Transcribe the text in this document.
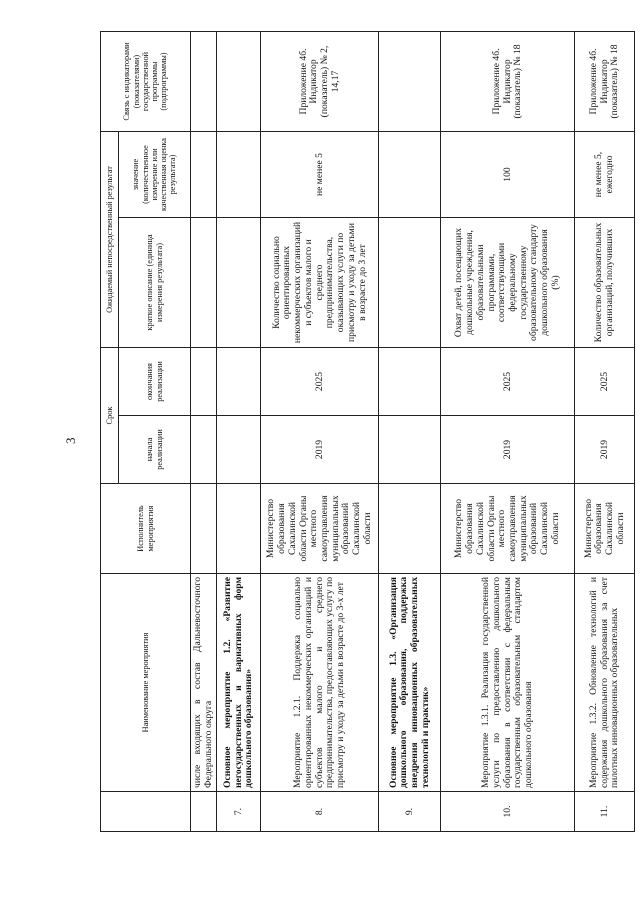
3
	Наименование мероприятия	Исполнитель мероприятия	Срок		Ожидаемый непосредственный результат		Связь с индикаторами (показателями) государственной программы (подпрограммы)
			начала реализации	окончания реализации	краткое описание (единица измерения результата)	значение (количественное измерение или качественная оценка результата)	

	числе входящих в состав Дальневосточного Федерального округа						
7.	Основное мероприятие 1.2. «Развитие негосударственных и вариативных форм дошкольного образования»						
8.	Мероприятие 1.2.1. Поддержка социально ориентированных некоммерческих организаций и субъектов малого и среднего предпринимательства, предоставляющих услугу по присмотру и уходу за детьми в возрасте до 3-х лет	Министерство образования Сахалинской области Органы местного самоуправления муниципальных образований Сахалинской области	2019	2025	Количество социально ориентированных некоммерческих организаций и субъектов малого и среднего предпринимательства, оказывающих услуги по присмотру и уходу за детьми в возрасте до 3 лет	не менее 5	Приложение 4б. Индикатор (показатель) № 2, 14,17
9.	Основное мероприятие 1.3. «Организация дошкольного образования, поддержка внедрения инновационных образовательных технологий и практик»						
10.	Мероприятие 1.3.1. Реализация государственной услуги по предоставлению дошкольного образования в соответствии с федеральным государственным образовательным стандартом дошкольного образования	Министерство образования Сахалинской области Органы местного самоуправления муниципальных образований Сахалинской области	2019	2025	Охват детей, посещающих дошкольные учреждения, образовательными программами, соответствующими федеральному государственному образовательному стандарту дошкольного образования (%)	100	Приложение 4б. Индикатор (показатель) № 18
11.	Мероприятие 1.3.2. Обновление технологий и содержания дошкольного образования за счет пилотных инновационных образовательных	Министерство образования Сахалинской области	2019	2025	Количество образовательных организаций, получивших	не менее 5, ежегодно	Приложение 4б. Индикатор (показатель) № 18
